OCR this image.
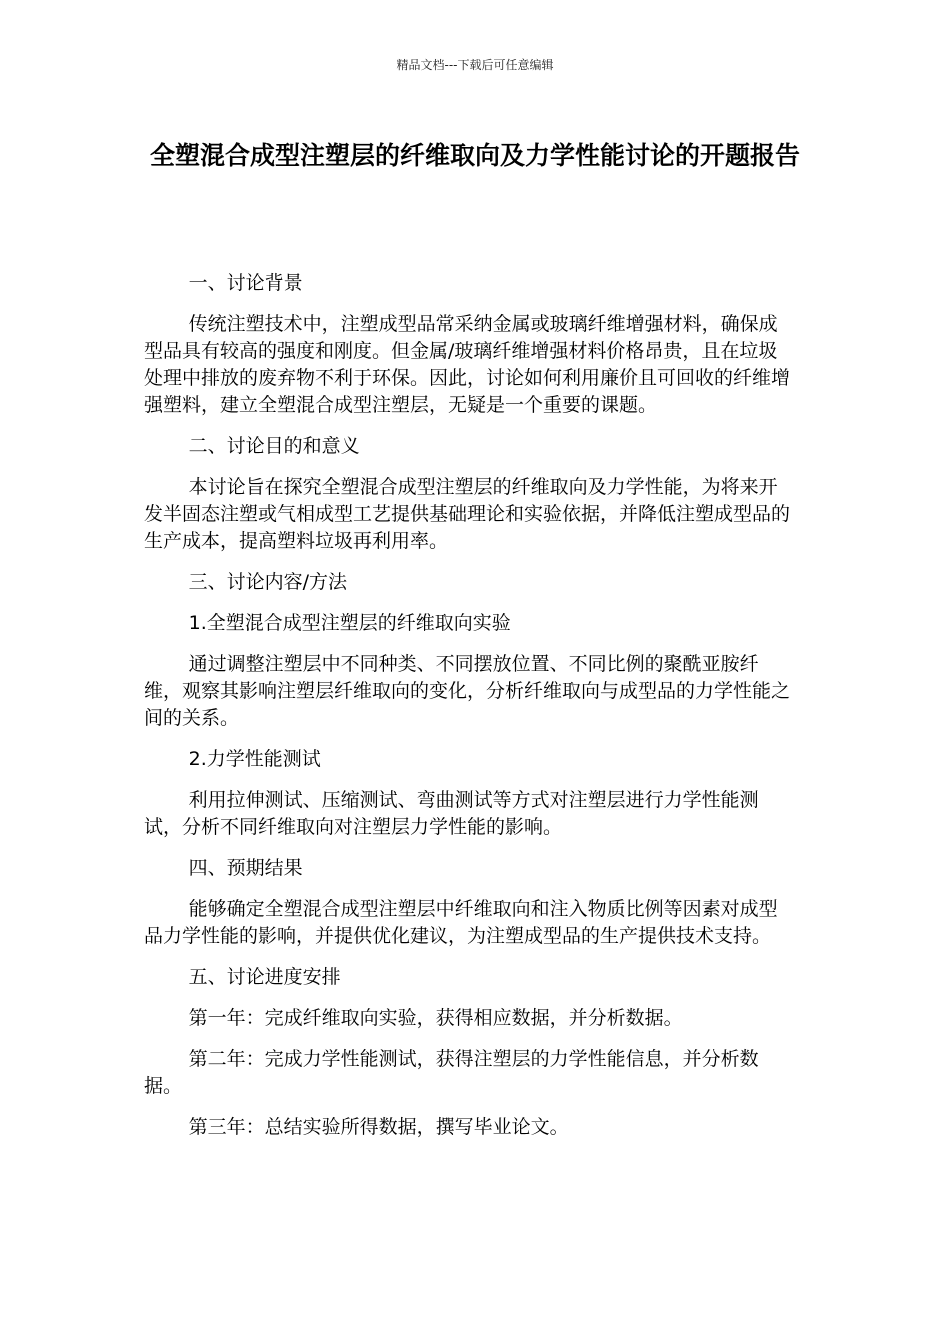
精品文档---下载后可任意编辑
全塑混合成型注塑层的纤维取向及力学性能讨论的开题报告

一、讨论背景

传统注塑技术中，注塑成型品常采纳金属或玻璃纤维增强材料，确保成型品具有较高的强度和刚度。但金属/玻璃纤维增强材料价格昂贵，且在垃圾处理中排放的废弃物不利于环保。因此，讨论如何利用廉价且可回收的纤维增强塑料，建立全塑混合成型注塑层，无疑是一个重要的课题。

二、讨论目的和意义

本讨论旨在探究全塑混合成型注塑层的纤维取向及力学性能，为将来开发半固态注塑或气相成型工艺提供基础理论和实验依据，并降低注塑成型品的生产成本，提高塑料垃圾再利用率。

三、讨论内容/方法

1.全塑混合成型注塑层的纤维取向实验

通过调整注塑层中不同种类、不同摆放位置、不同比例的聚酰亚胺纤维，观察其影响注塑层纤维取向的变化，分析纤维取向与成型品的力学性能之间的关系。

2.力学性能测试

利用拉伸测试、压缩测试、弯曲测试等方式对注塑层进行力学性能测试，分析不同纤维取向对注塑层力学性能的影响。

四、预期结果

能够确定全塑混合成型注塑层中纤维取向和注入物质比例等因素对成型品力学性能的影响，并提供优化建议，为注塑成型品的生产提供技术支持。

五、讨论进度安排

第一年：完成纤维取向实验，获得相应数据，并分析数据。

第二年：完成力学性能测试，获得注塑层的力学性能信息，并分析数据。

第三年：总结实验所得数据，撰写毕业论文。
